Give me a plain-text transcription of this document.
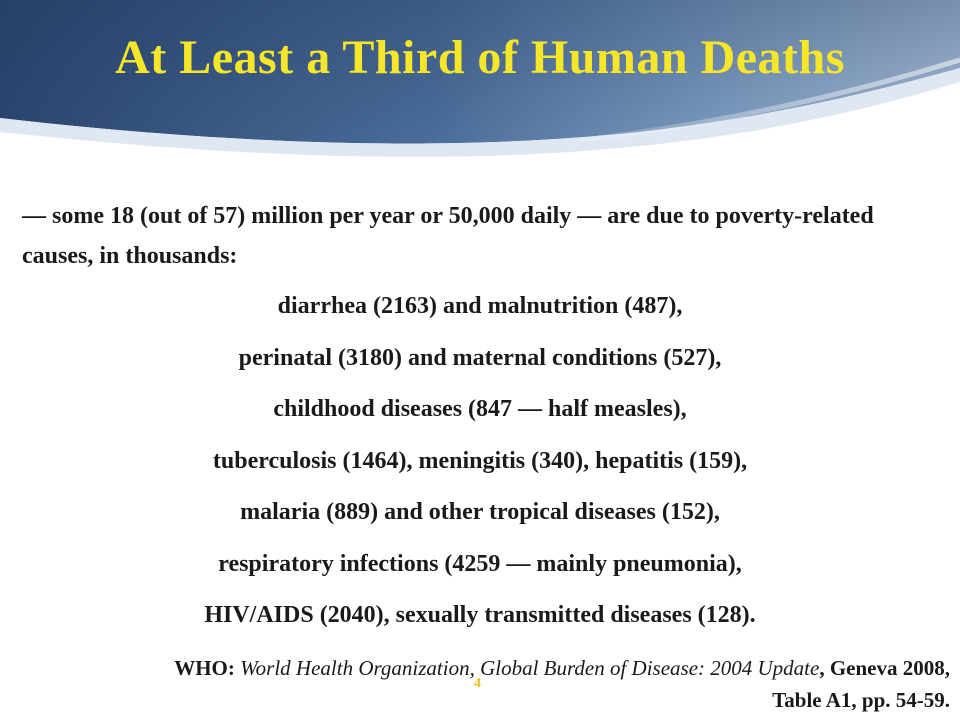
At Least a Third of Human Deaths

— some 18 (out of 57) million per year or 50,000 daily — are due to poverty-related causes, in thousands:

diarrhea (2163) and malnutrition (487),
perinatal (3180) and maternal conditions (527),
childhood diseases (847 — half measles),
tuberculosis (1464), meningitis (340), hepatitis (159),
malaria (889) and other tropical diseases (152),
respiratory infections (4259 — mainly pneumonia),
HIV/AIDS (2040), sexually transmitted diseases (128).
WHO: World Health Organization, Global Burden of Disease: 2004 Update, Geneva 2008,
Table A1, pp. 54-59.
4
